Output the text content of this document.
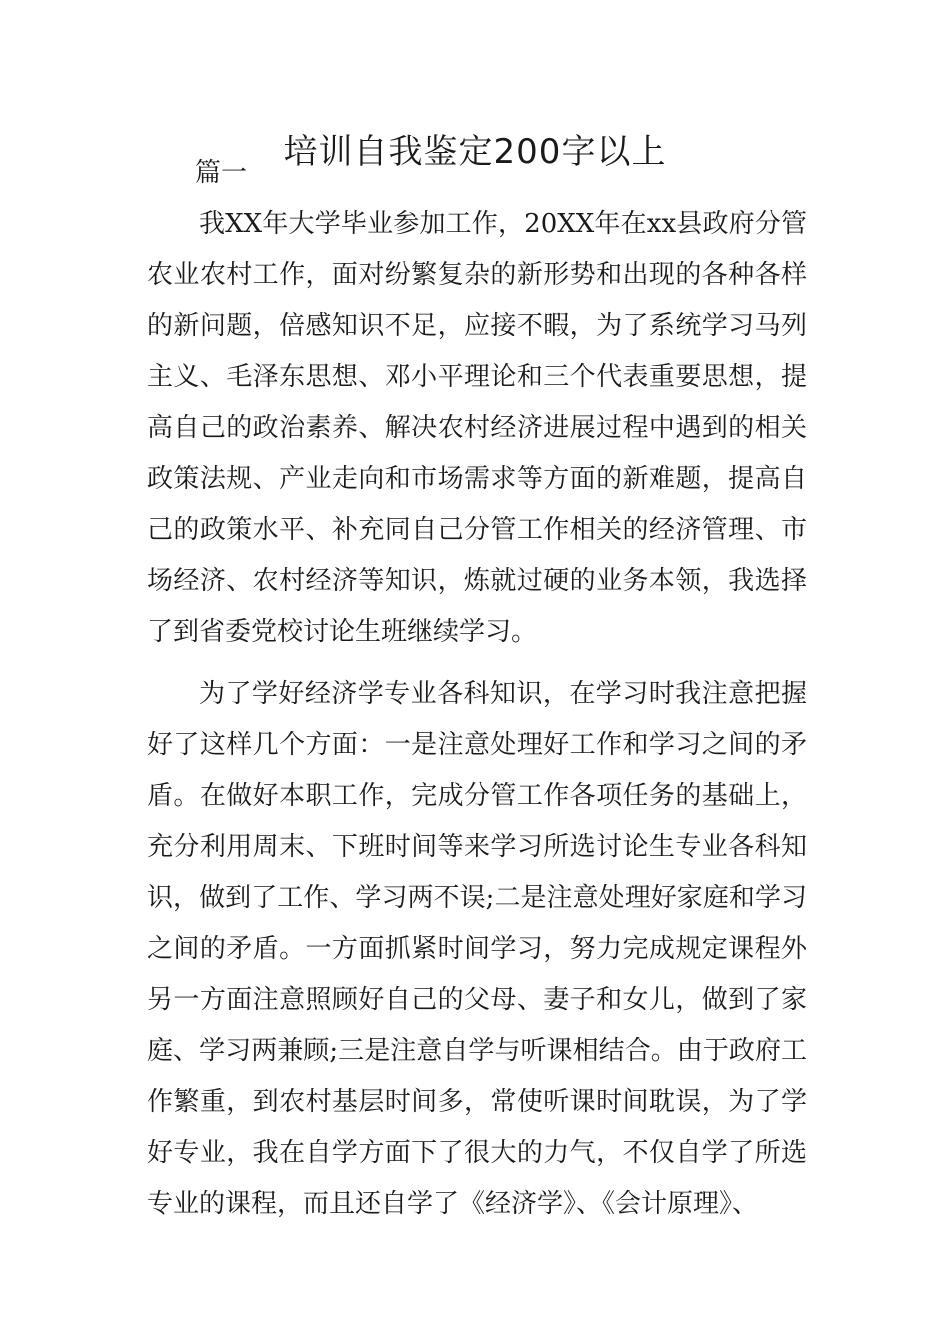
培训自我鉴定200字以上

篇一

我XX年大学毕业参加工作，20XX年在xx县政府分管农业农村工作，面对纷繁复杂的新形势和出现的各种各样的新问题，倍感知识不足，应接不暇，为了系统学习马列主义、毛泽东思想、邓小平理论和三个代表重要思想，提高自己的政治素养、解决农村经济进展过程中遇到的相关政策法规、产业走向和市场需求等方面的新难题，提高自己的政策水平、补充同自己分管工作相关的经济管理、市场经济、农村经济等知识，炼就过硬的业务本领，我选择了到省委党校讨论生班继续学习。

为了学好经济学专业各科知识，在学习时我注意把握好了这样几个方面：一是注意处理好工作和学习之间的矛盾。在做好本职工作，完成分管工作各项任务的基础上，充分利用周末、下班时间等来学习所选讨论生专业各科知识，做到了工作、学习两不误;二是注意处理好家庭和学习之间的矛盾。一方面抓紧时间学习，努力完成规定课程外另一方面注意照顾好自己的父母、妻子和女儿，做到了家庭、学习两兼顾;三是注意自学与听课相结合。由于政府工作繁重，到农村基层时间多，常使听课时间耽误，为了学好专业，我在自学方面下了很大的力气，不仅自学了所选专业的课程，而且还自学了《经济学》、《会计原理》、
